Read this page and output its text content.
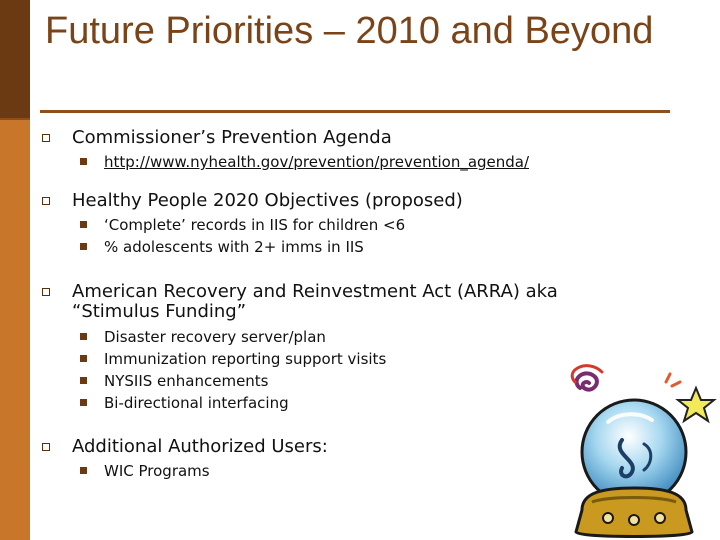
Future Priorities – 2010 and Beyond
Commissioner’s Prevention Agenda
http://www.nyhealth.gov/prevention/prevention_agenda/
Healthy People 2020 Objectives (proposed)
‘Complete’ records in IIS for children <6
% adolescents with 2+ imms in IIS
American Recovery and Reinvestment Act (ARRA) aka “Stimulus Funding”
Disaster recovery server/plan
Immunization reporting support visits
NYSIIS enhancements
Bi-directional interfacing
Additional Authorized Users:
WIC Programs
